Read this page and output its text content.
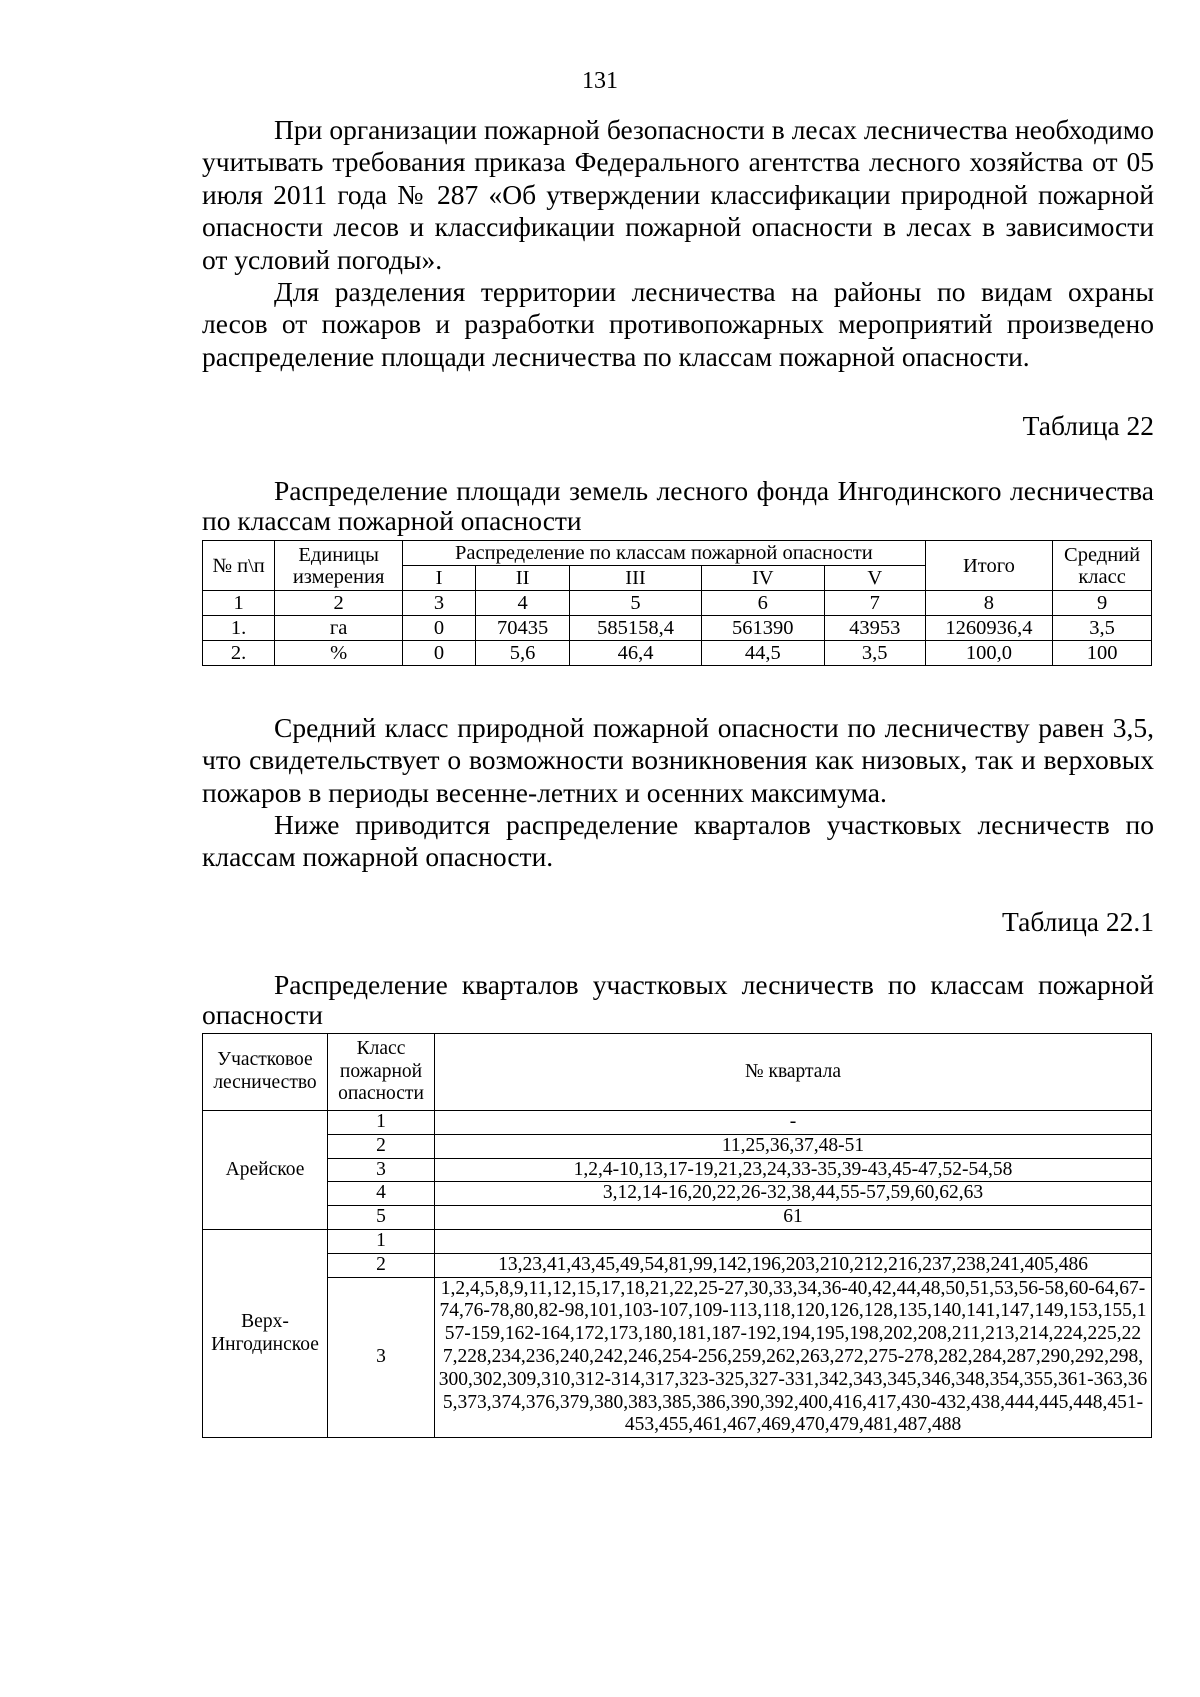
131

При организации пожарной безопасности в лесах лесничества необходимо учитывать требования приказа Федерального агентства лесного хозяйства от 05 июля 2011 года № 287 «Об утверждении классификации природной пожарной опасности лесов и классификации пожарной опасности в лесах в зависимости от условий погоды».

Для разделения территории лесничества на районы по видам охраны лесов от пожаров и разработки противопожарных мероприятий произведено распределение площади лесничества по классам пожарной опасности.

Таблица 22

Распределение площади земель лесного фонда Ингодинского лесничества по классам пожарной опасности

№ п\п	Единицы измерения	Распределение по классам пожарной опасности					Итого	Средний класс
		I	II	III	IV	V		
1	2	3	4	5	6	7	8	9
1.	га	0	70435	585158,4	561390	43953	1260936,4	3,5
2.	%	0	5,6	46,4	44,5	3,5	100,0	100

Средний класс природной пожарной опасности по лесничеству равен 3,5, что свидетельствует о возможности возникновения как низовых, так и верховых пожаров в периоды весенне-летних и осенних максимума.

Ниже приводится распределение кварталов участковых лесничеств по классам пожарной опасности.

Таблица 22.1

Распределение кварталов участковых лесничеств по классам пожарной опасности

Участковое лесничество	Класс пожарной опасности	№ квартала
Арейское	1	-
	2	11,25,36,37,48-51
	3	1,2,4-10,13,17-19,21,23,24,33-35,39-43,45-47,52-54,58
	4	3,12,14-16,20,22,26-32,38,44,55-57,59,60,62,63
	5	61
Верх-Ингодинское	1	
	2	13,23,41,43,45,49,54,81,99,142,196,203,210,212,216,237,238,241,405,486
	3	1,2,4,5,8,9,11,12,15,17,18,21,22,25-27,30,33,34,36-40,42,44,48,50,51,53,56-58,60-64,67-74,76-78,80,82-98,101,103-107,109-113,118,120,126,128,135,140,141,147,149,153,155,157-159,162-164,172,173,180,181,187-192,194,195,198,202,208,211,213,214,224,225,227,228,234,236,240,242,246,254-256,259,262,263,272,275-278,282,284,287,290,292,298,300,302,309,310,312-314,317,323-325,327-331,342,343,345,346,348,354,355,361-363,365,373,374,376,379,380,383,385,386,390,392,400,416,417,430-432,438,444,445,448,451-453,455,461,467,469,470,479,481,487,488
